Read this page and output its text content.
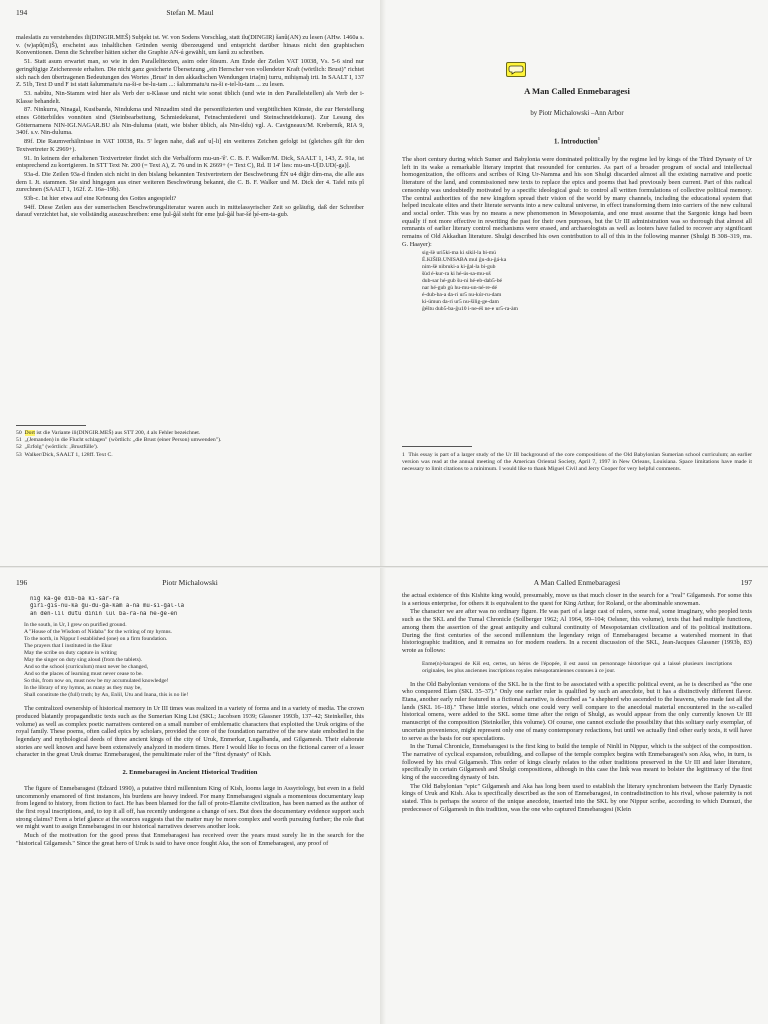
194	Stefan M. Maul

maleslatis zu verstehendes ili(DINGIR.MEŠ) Subjekt ist. W. von Sodens Vorschlag, statt ilu(DINGIR) šanû(AN) zu lesen (AHw. 1460a s. v. (w)apû(m)Š), erscheint aus inhaltlichen Gründen wenig überzeugend und entspricht darüber hinaus nicht den graphischen Konventionen. Denn die Schreiber hätten sicher die Graphie AN-ú gewählt, um šanû zu schreiben.

51. Statt asum erwartet man, so wie in den Parallelttexten, asim oder šūsum. Am Ende der Zeilen VAT 10038, Vs. 5-6 sind nur geringfügige Zeichenreste erhalten. Die nicht ganz gesicherte Übersetzung „ein Herrscher von vollendeter Kraft (wörtlich: Brust)" richtet sich nach den übertragenen Bedeutungen des Wortes ‚Brust' in den akkadischen Wendungen irta(m) turru, mihiṣmaḫ irti. In SAALT I, 137 Z. 51b, Text D und F ist statt šalummatu/u na-ši-e be-lu-tam ...: šalummatu/u na-ši e-tel-lu-tam ... zu lesen.

53. nabûtu, Nin-Stamm wird hier als Verb der u-Klasse und nicht wie sonst üblich (und wie in den Parallelstellen) als Verb der i-Klasse behandelt.

87. Ninkurra, Ninagal, Kusibanda, Nindukma und Ninzadim sind die personifizierten und vergöttlichten Künste, die zur Herstellung eines Götterbildes vonnöten sind (Steinbearbeitung, Schmiedekunst, Feinschmiederei und Steinschneidekunst). Zur Lesung des Götternamens NIN-IGI.NAGAR.BU als Nin-duluma (statt, wie bisher üblich, als Nin-ildu) vgl. A. Cavigneaux/M. Krebernik, RIA 9, 340f. s.v. Nin-duluma.

89f. Die Raumverhältnisse in VAT 10038, Rs. 5' legen nahe, daß auf u[-li] ein weiteres Zeichen gefolgt ist (gleiches gilt für den Textvertreter K 2969+).

91. In keinem der erhaltenen Textvertreter findet sich die Verbalform mu-un-'ê'. C. B. F. Walker/M. Dick, SAALT 1, 143, Z. 91a, ist entsprechend zu korrigieren. In STT Text Nr. 200 (= Text A), Z. 76 und in K 2669+ (= Text C), Rd. II 14' lies: mu-un-U[D.UD(-ga)].

93a-d. Die Zeilen 93a-d finden sich nicht in den bislang bekannten Textvertretern der Beschwörung ÉN u4 diĝir dím-ma, die alle aus dem I. Jt. stammen. Sie sind hingegen aus einer weiteren Beschwörung bekannt, die C. B. F. Walker und M. Dick der 4. Tafel mīs pî zurechnen (SAALT 1, 162f. Z. 16a–19b).

93b-c. Ist hier etwa auf eine Krönung des Gottes angespielt?

94ff. Diese Zeilen aus der sumerischen Beschwörungsliteratur waren auch in mittelassyrischer Zeit so geläufig, daß der Schreiber darauf verzichtet hat, sie vollständig auszuschreiben: eme ḫul-ĝál steht für eme ḫul-ĝál bar-šè ḫé-em-ta-gub.

50 Dort ist die Variante ili(DINGIR.MEŠ) aus STT 200, 4 als Fehler bezeichnet.

51 „(Jemanden) in die Flucht schlagen" (wörtlich: „die Brust (einer Person) umwenden").

52 „Erfolg" (wörtlich: ‚Brustfülle').

53 Walker/Dick, SAALT 1, 128ff. Text C.

A Man Called Enmebaragesi
by Piotr Michalowski –Ann Arbor
1. Introduction$^1$

The short century during which Sumer and Babylonia were dominated politically by the regime led by kings of the Third Dynasty of Ur left in its wake a remarkable literary imprint that resounded for centuries. As part of a broader program of social and intellectual homogenization, the officers and scribes of King Ur-Namma and his son Shulgi discarded almost all the existing narrative and poetic literature of the land, and commissioned new texts to replace the epics and poems that had previously been current. Part of this radical censorship was undoubtedly motivated by a specific ideological goal: to control all written formulations of collective political memory. The central authorities of the new kingdom spread their vision of the world by many channels, including the educational system that helped inculcate elites and their literate servants into a new cultural universe, in effect transforming them into carriers of the new cultural and social order. This was by no means a new phenomenon in Mesopotamia, and one must assume that the Sargonic kings had been equally if not more effective in rewriting the past for their own purposes, but the Ur III administration was so thorough that almost all remnants of earlier literary control mechanisms were erased, and archaeologists as well as looters have failed to recover any significant remains of Old Akkadian literature. Shulgi described his own contribution to all of this in the following manner (Shulgi B 308–319, ms. G. Haayer):

sig-šè uri5ki-ma ki sikil-la bi-mú
É.KIŠIB.UNISABA mul ĝu-du-ĝá-ka
nim-šè nibruki-a ki-ĝal-la bi-gub
šùd é-kur-ra ki hé-ús-sa-mu-uš
dub-sar hé-gub šu-ni hé-eb-dab5-bé
nar hé-gub gù hu-mu-un-né-re-dé
é-dub-ba-a da-ri ur5 nu-kúr-ru-dam
ki-úmun da-ri ur5 nu-šilig-ge-dam
ĝéštu dub5-ba-ĝu10 i-ne-éš ne-e ur5-ra-àm

1 This essay is part of a larger study of the Ur III background of the core compositions of the Old Babylonian Sumerian school curriculum; an earlier version was read at the annual meeting of the American Oriental Society, April 7, 1997 in New Orleans, Louisiana. Space limitations have made it necessary to limit citations to a minimum. I would like to thank Miguel Civil and Jerry Cooper for very helpful comments.

196	Piotr Michalowski
niĝ ka-ge dib-ba ki-šár-ra
ĝiri-ĝis-nu-ka ĝu-du-ĝá-kam a-na mu-ši-ĝál-la
an den-líl dutu dinin lul ba-ra-na hé-ĝe-en
In the south, in Ur, I grew on purified ground.
A "House of the Wisdom of Nidaba" for the writing of my hymns.
To the north, in Nippur I established (one) on a firm foundation.
The prayers that I instituted in the Ekur
May the scribe on duty capture in writing
May the singer on duty sing aloud (from the tablets).
And so the school (curriculum) must never be changed,
And so the places of learning must never cease to be.
So this, from now on, must now be my accumulated knowledge!
In the library of my hymns, as many as they may be,
Shall constitute the (full) truth; by An, Enlil, Utu and Inana, this is no lie!

The centralized ownership of historical memory in Ur III times was realized in a variety of forms and in a variety of media. The crown produced blatantly propagandistic texts such as the Sumerian King List (SKL; Jacobsen 1939; Glassner 1993b, 137–42; Steinkeller, this volume) as well as complex poetic narratives centered on a small number of emblematic characters that exploited the Uruk origins of the royal family. These poems, often called epics by scholars, provided the core of the foundation narrative of the new state embodied in the legendary and mythological deeds of three ancient kings of the city of Uruk, Enmerkar, Lugalbanda, and Gilgamesh. Their elaborate stories are well known and have been extensively analyzed in modern times. Here I would like to focus on the fictional career of a lesser character in the great Uruk drama: Enmebaragesi, the penultimate ruler of the "first dynasty" of Kish.

2. Enmebaragesi in Ancient Historical Tradition

The figure of Enmebaragesi (Edzard 1990), a putative third millennium King of Kish, looms large in Assyriology, but even in a field uncommonly enamored of first instances, his burdens are heavy indeed. For many Enmebaragesi signals a momentous documentary leap from legend to history, from fiction to fact. He has been blamed for the fall of proto-Elamite civilization, has been named as the author of the first royal inscriptions, and, to top it all off, has recently undergone a change of sex. But does the documentary evidence support such strong claims? Even a brief glance at the sources suggests that the matter may be more complex and worth pursuing further; the role that we might want to assign Enmebaragesi in our historical narratives deserves another look.

Much of the motivation for the good press that Enmebaragesi has received over the years must surely lie in the search for the "historical Gilgamesh." Since the great hero of Uruk is said to have once fought Aka, the son of Enmebaragesi, any proof of

A Man Called Enmebaragesi	197

the actual existence of this Kishite king would, presumably, move us that much closer in the search for a "real" Gilgamesh. For some this is a serious enterprise, for others it is equivalent to the quest for King Arthur, for Roland, or the abominable snowman.

The character we are after was no ordinary figure. He was part of a large cast of rulers, some real, some imaginary, who peopled texts such as the SKL and the Tumal Chronicle (Sollberger 1962; Al 1964, 99–104; Oelsner, this volume), texts that had multiple functions, among them the assertion of the great antiquity and cultural continuity of Mesopotamian civilization and of its political institutions. During the first centuries of the second millennium the legendary reign of Enmebaragesi became a watershed moment in that historiographic tradition, and it remains so for modern readers. In a recent discussion of the SKL, Jean-Jacques Glassner (1993b, 83) wrote as follows:

Enme(n)-baragesi de Kiš est, certes, un héros de l'épopée, il est aussi un personnage historique qui a laissé plusieurs inscriptions originales, les plus anciennes inscriptions royales mésopotamiennes connues à ce jour.

In the Old Babylonian versions of the SKL he is the first to be associated with a specific political event, as he is described as "the one who conquered Elam (SKL 35–37)." Only one earlier ruler is qualified by such an anecdote, but it has a distinctively different flavor. Etana, another early ruler featured in a fictional narrative, is described as "a shepherd who ascended to the heavens, who made fast all the lands (SKL 16–18)." These little stories, which one could very well compare to the anecdotal material encountered in the so-called historical omens, were added to the SKL some time after the reign of Shulgi, as would appear from the only currently known Ur III manuscript of the composition (Steinkeller, this volume). Of course, one cannot exclude the possibility that this solitary early exemplar, of uncertain provenience, might represent only one of many contemporary redactions, but until we actually find other early texts, it will have to serve as the basis for our speculations.

In the Tumal Chronicle, Enmebaragesi is the first king to build the temple of Ninlil in Nippur, which is the subject of the composition. The narrative of cyclical expansion, rebuilding, and collapse of the temple complex begins with Enmebaragesi's son Aka, who, in turn, is followed by his rival Gilgamesh. This order of kings clearly relates to the other traditions preserved in the Ur III and later literature, specifically in certain Gilgamesh and Shulgi compositions, although in this case the link was meant to bolster the legitimacy of the first king of the succeeding dynasty of Isin.

The Old Babylonian "epic" Gilgamesh and Aka has long been used to establish the literary synchronism between the Early Dynastic kings of Uruk and Kish. Aka is specifically described as the son of Enmebaragesi, in contradistinction to his rival, whose paternity is not stated. This is perhaps the source of the unique anecdote, inserted into the SKL by one Nippur scribe, according to which Dumuzi, the predecessor of Gilgamesh in this tradition, was the one who captured Enmebaragesi (Klein
